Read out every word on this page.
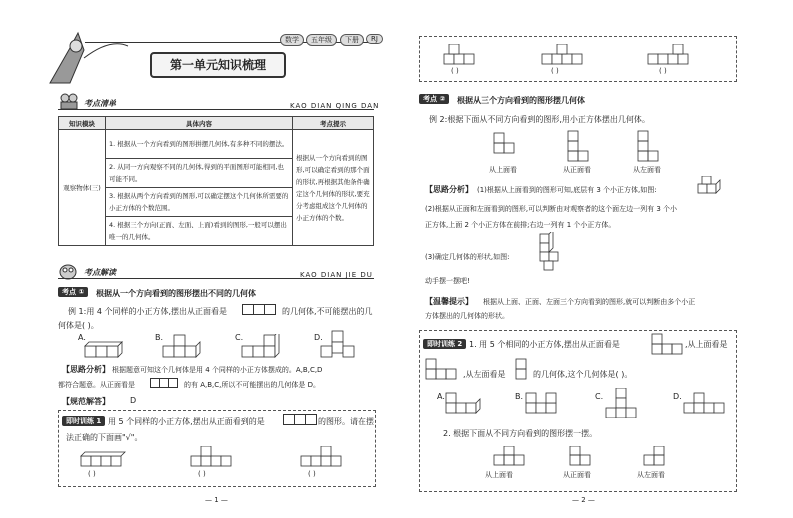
数学	五年级	下册	RJ
第一单元知识梳理
考点清单	KAO DIAN QING DAN
知识模块	具体内容	考点提示
观察物体(三)	1. 根据从一个方向看到的图形拼摆几何体,有多种不同的摆法。	根据从一个方向看到的图形,可以确定看到的那个面的形状,再根据其他条件确定这个几何体的形状,要充分考虑组成这个几何体的小正方体的个数。
	2. 从同一方向观察不同的几何体,得到的平面图形可能相同,也可能不同。	
	3. 根据从两个方向看到的图形,可以确定摆这个几何体所需要的小正方体的个数范围。	
	4. 根据三个方向(正面、左面、上面)看到的图形,一般可以摆出唯一的几何体。	
考点解读	KAO DIAN JIE DU
考点 ①	根据从一个方向看到的图形摆出不同的几何体
例 1:用 4 个同样的小正方体,摆出从正面看是	的几何体,不可能摆出的几
何体是( )。
A.	B.	C.	D.
【思路分析】 根据题意可知这个几何体是用 4 个同样的小正方体摆成的。A,B,C,D
都符合题意。从正面看是	的有 A,B,C,所以不可能摆出的几何体是 D。
【规范解答】	D
即时训练 1 用 5 个同样的小正方体,摆出从正面看到的是	的图形。请在摆
法正确的下面画"√"。
( )	( )	( )
— 1 —
( )	( )	( )
考点 ②	根据从三个方向看到的图形摆几何体
例 2:根据下面从不同方向看到的图形,用小正方体摆出几何体。
从上面看	从正面看	从左面看
【思路分析】 (1)根据从上面看到的图形可知,底层有 3 个小正方体,如图:
(2)根据从正面和左面看到的图形,可以判断由对观察者的这个面左边一列有 3 个小
正方体,上面 2 个小正方体在前排;右边一列有 1 个小正方体。
(3)确定几何体的形状,如图:
动手摆一摆吧!
【温馨提示】 根据从上面、正面、左面三个方向看到的图形,就可以判断由多个小正
方体摆出的几何体的形状。
即时训练 2 1. 用 5 个相同的小正方体,摆出从正面看是	,从上面看是
,从左面看是	的几何体,这个几何体是( )。
A.	B.	C.	D.
2. 根据下面从不同方向看到的图形摆一摆。
从上面看	从正面看	从左面看
— 2 —
